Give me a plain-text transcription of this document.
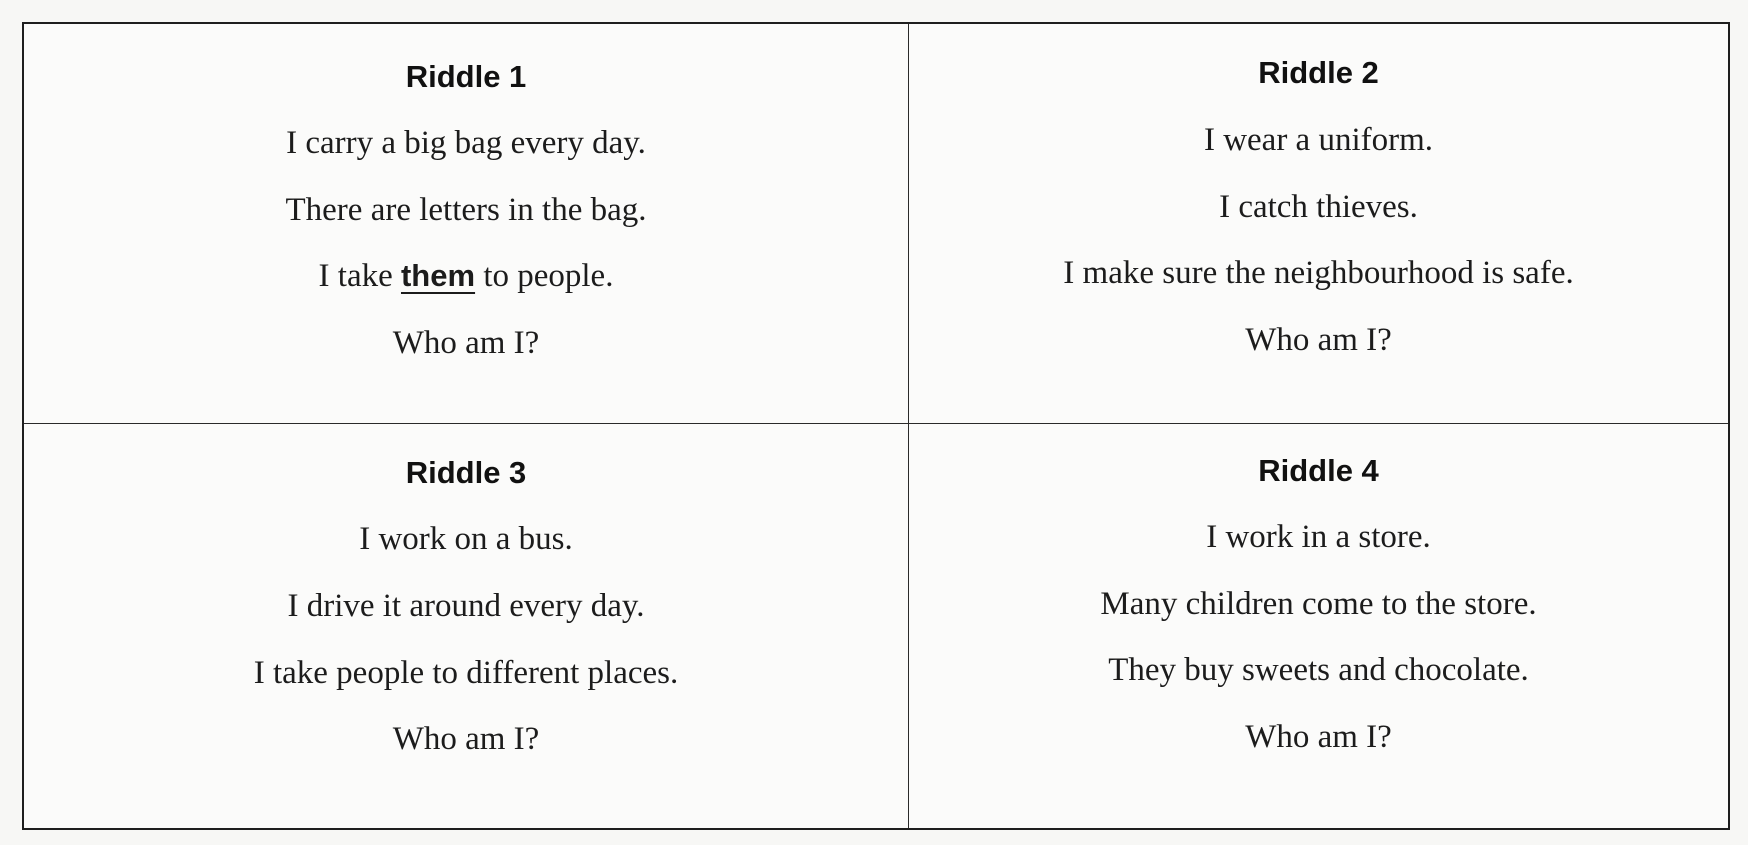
Riddle 1
I carry a big bag every day.
There are letters in the bag.
I take them to people.
Who am I?
Riddle 2
I wear a uniform.
I catch thieves.
I make sure the neighbourhood is safe.
Who am I?
Riddle 3
I work on a bus.
I drive it around every day.
I take people to different places.
Who am I?
Riddle 4
I work in a store.
Many children come to the store.
They buy sweets and chocolate.
Who am I?
